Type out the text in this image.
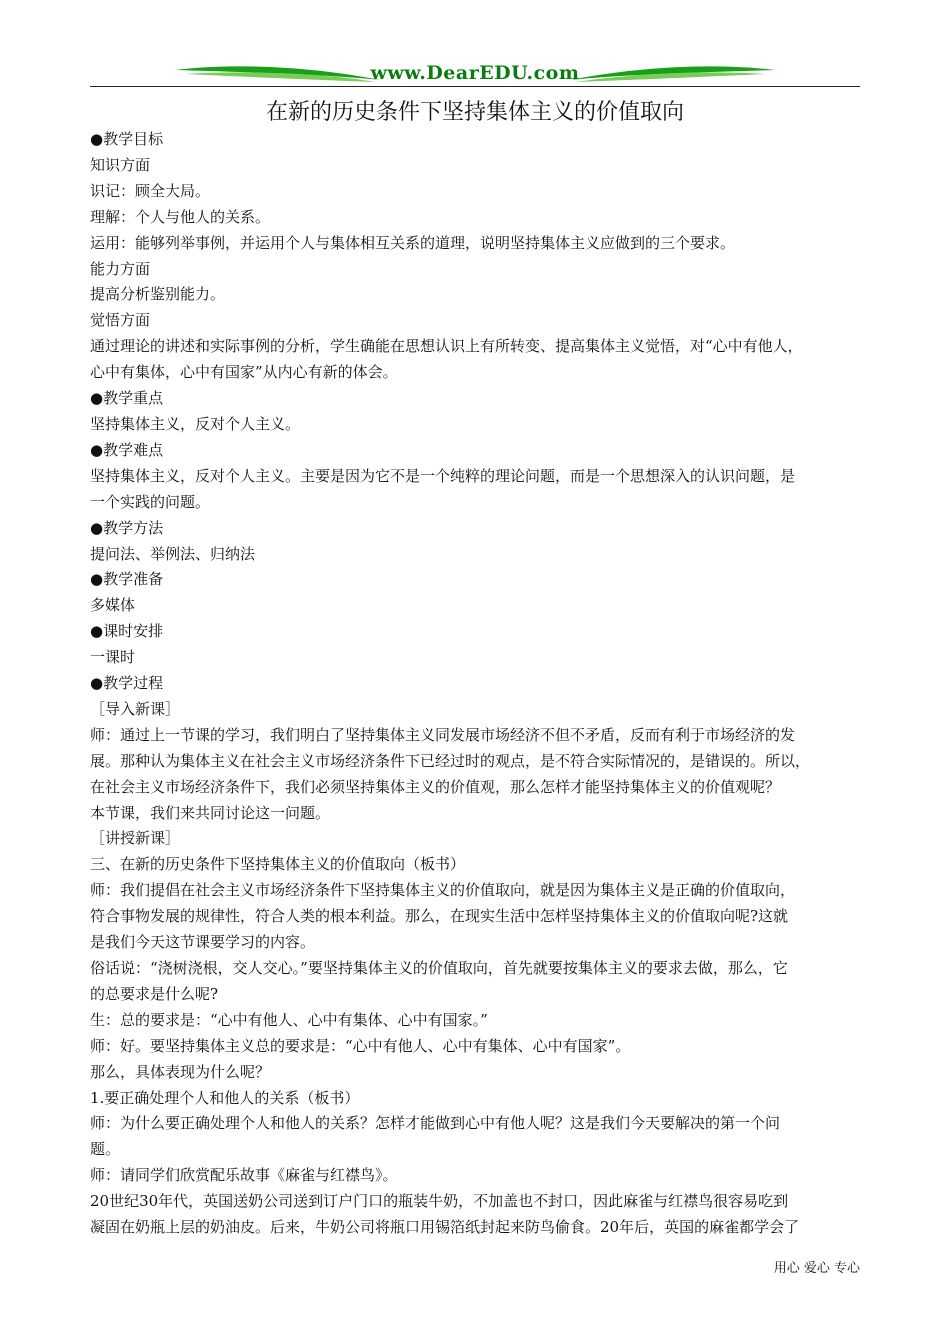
www.DearEDU.com
在新的历史条件下坚持集体主义的价值取向
●教学目标
知识方面
识记：顾全大局。
理解：个人与他人的关系。
运用：能够列举事例，并运用个人与集体相互关系的道理，说明坚持集体主义应做到的三个要求。
能力方面
提高分析鉴别能力。
觉悟方面
通过理论的讲述和实际事例的分析，学生确能在思想认识上有所转变、提高集体主义觉悟，对“心中有他人，
心中有集体，心中有国家”从内心有新的体会。
●教学重点
坚持集体主义，反对个人主义。
●教学难点
坚持集体主义，反对个人主义。主要是因为它不是一个纯粹的理论问题，而是一个思想深入的认识问题，是
一个实践的问题。
●教学方法
提问法、举例法、归纳法
●教学准备
多媒体
●课时安排
一课时
●教学过程
［导入新课］
师：通过上一节课的学习，我们明白了坚持集体主义同发展市场经济不但不矛盾，反而有利于市场经济的发
展。那种认为集体主义在社会主义市场经济条件下已经过时的观点，是不符合实际情况的，是错误的。所以，
在社会主义市场经济条件下，我们必须坚持集体主义的价值观，那么怎样才能坚持集体主义的价值观呢？
本节课，我们来共同讨论这一问题。
［讲授新课］
三、在新的历史条件下坚持集体主义的价值取向（板书）
师：我们提倡在社会主义市场经济条件下坚持集体主义的价值取向，就是因为集体主义是正确的价值取向，
符合事物发展的规律性，符合人类的根本利益。那么，在现实生活中怎样坚持集体主义的价值取向呢?这就
是我们今天这节课要学习的内容。
俗话说：“浇树浇根，交人交心。”要坚持集体主义的价值取向，首先就要按集体主义的要求去做，那么，它
的总要求是什么呢?
生：总的要求是：“心中有他人、心中有集体、心中有国家。”
师：好。要坚持集体主义总的要求是：“心中有他人、心中有集体、心中有国家”。
那么，具体表现为什么呢？
1.要正确处理个人和他人的关系（板书）
师：为什么要正确处理个人和他人的关系？怎样才能做到心中有他人呢？这是我们今天要解决的第一个问
题。
师：请同学们欣赏配乐故事《麻雀与红襟鸟》。
20世纪30年代，英国送奶公司送到订户门口的瓶装牛奶，不加盖也不封口，因此麻雀与红襟鸟很容易吃到
凝固在奶瓶上层的奶油皮。后来，牛奶公司将瓶口用锡箔纸封起来防鸟偷食。20年后，英国的麻雀都学会了
用心 爱心 专心
